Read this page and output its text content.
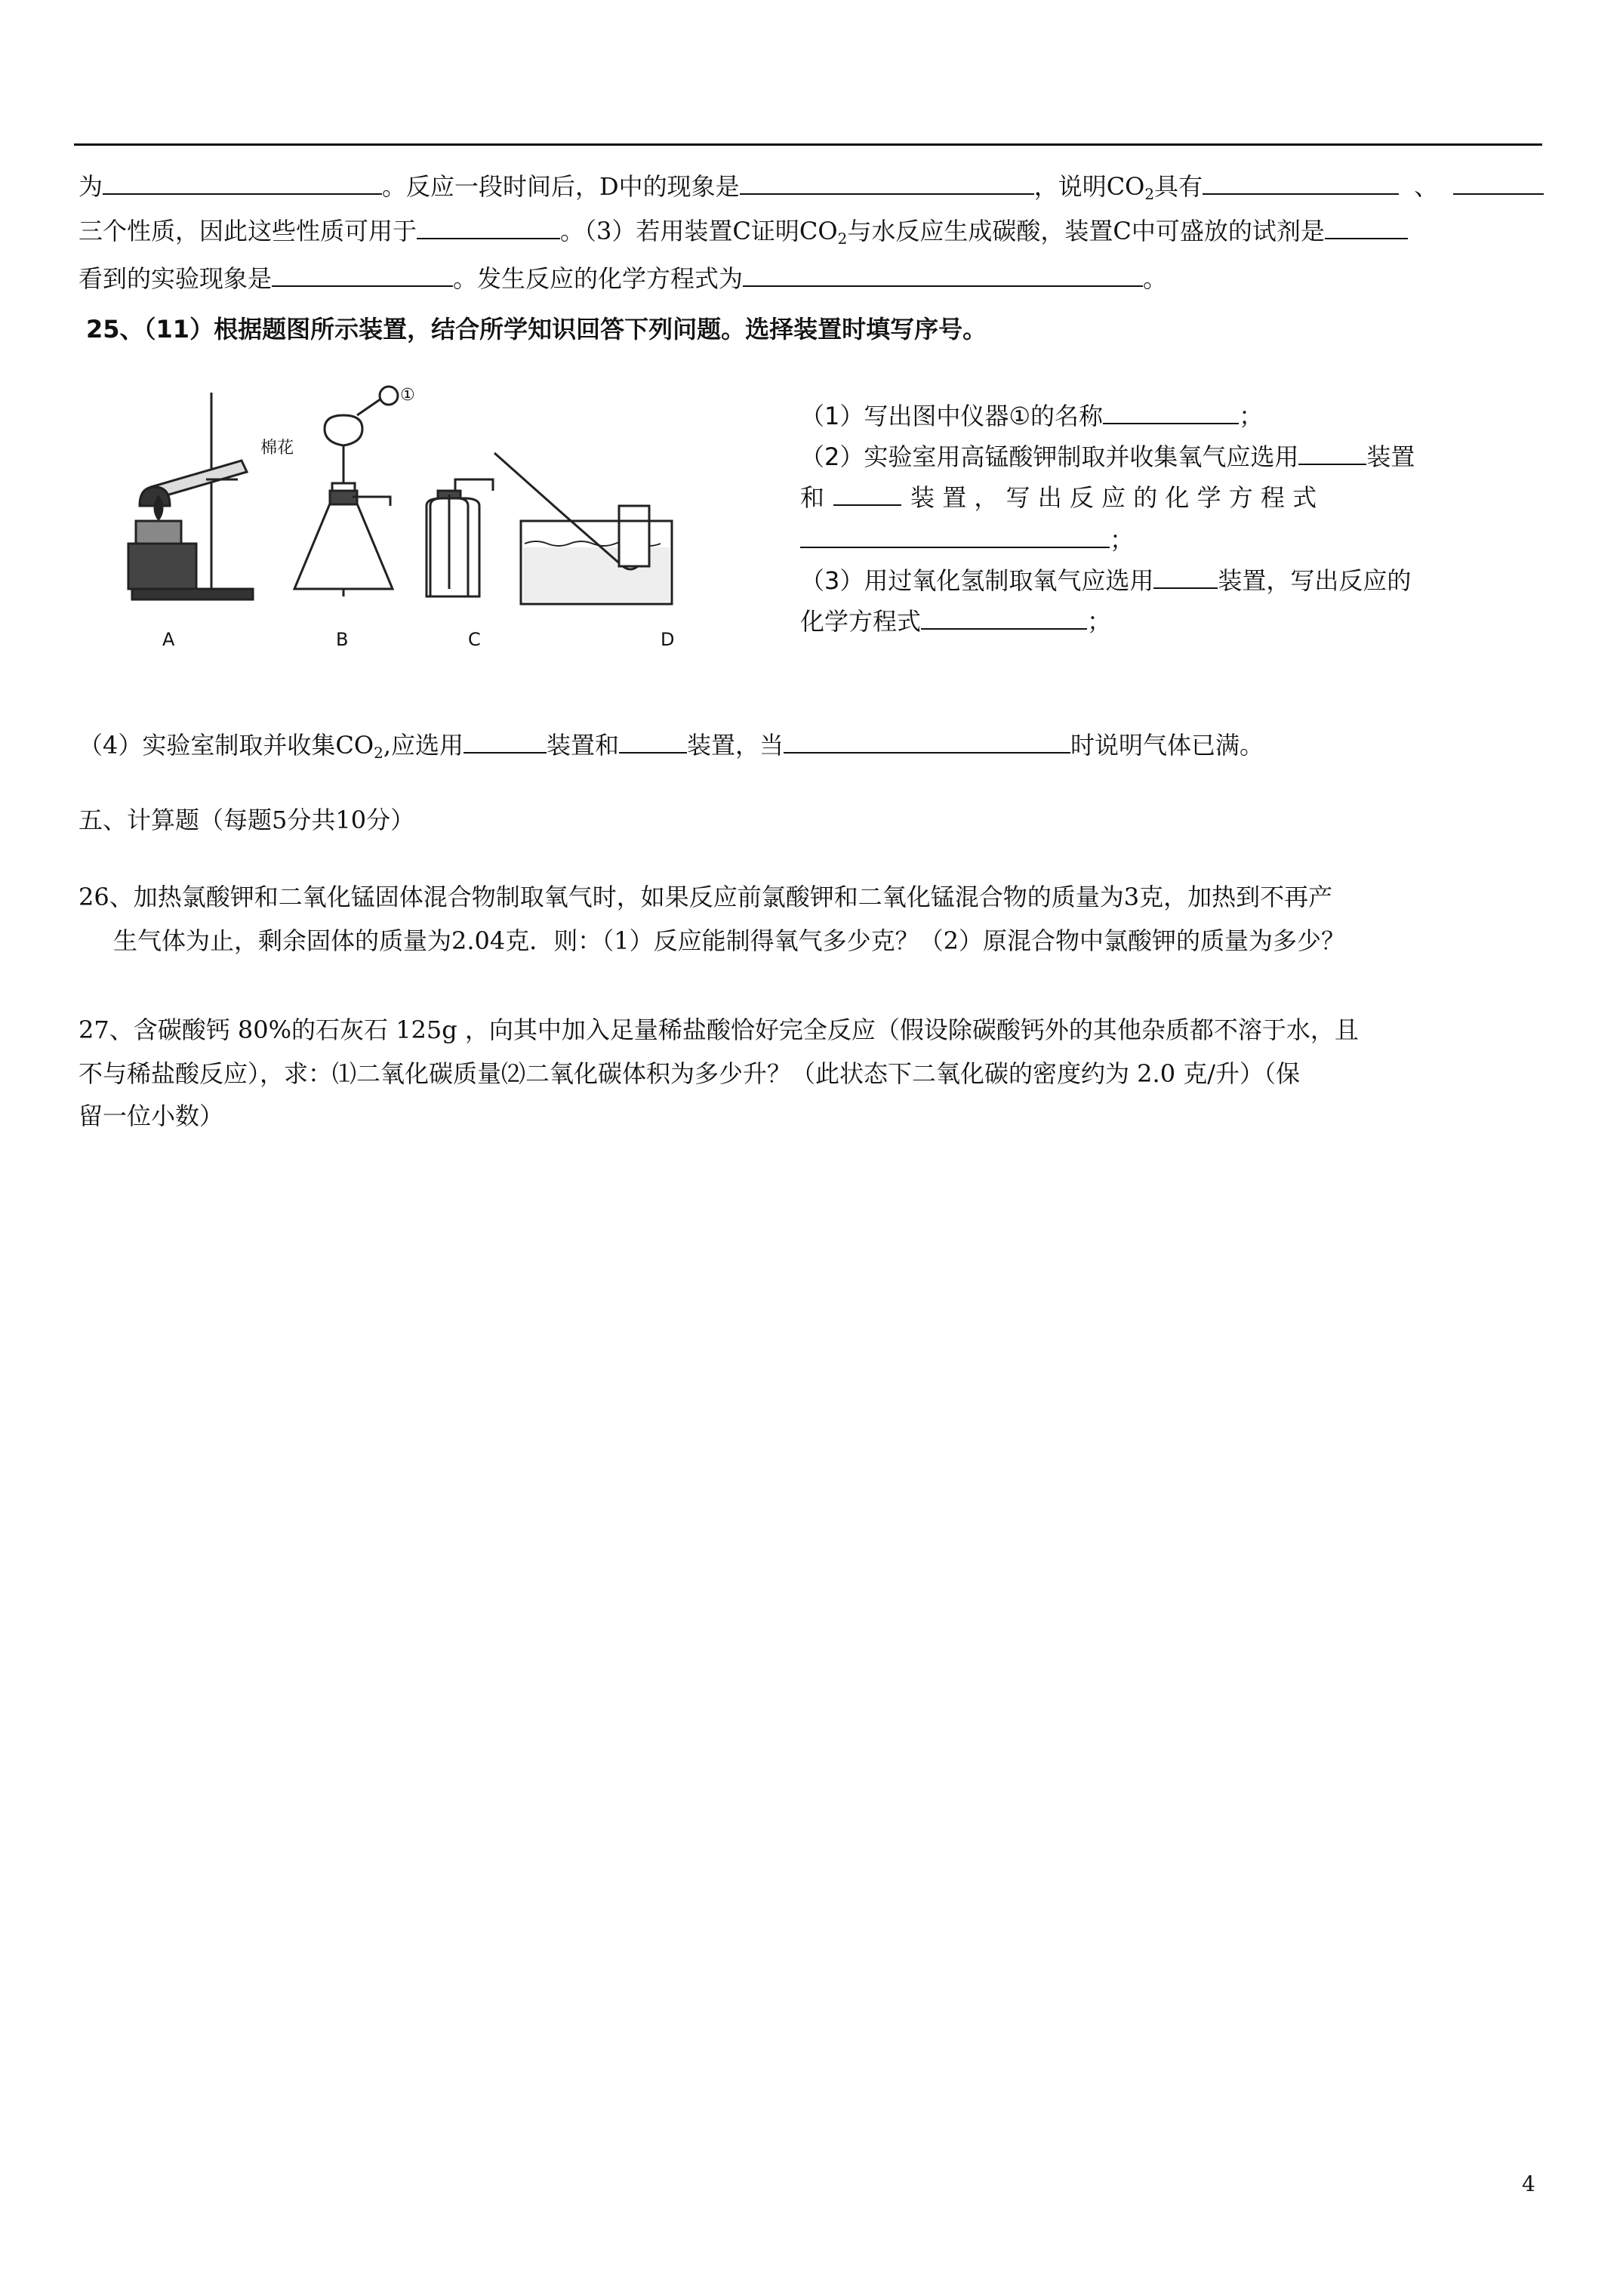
为	。反应一段时间后，D中的现象是	，说明$CO_2$具有	、
三个性质，因此这些性质可用于	。（3）若用装置C证明$CO_2$与水反应生成碳酸，装置C中可盛放的试剂是
看到的实验现象是	。发生反应的化学方程式为	。
25、（11）根据题图所示装置，结合所学知识回答下列问题。选择装置时填写序号。
棉花
①
A	B	C	D
（1）写出图中仪器①的名称	；
（2）实验室用高锰酸钾制取并收集氧气应选用	装置
和	装 置 ， 写 出 反 应 的 化 学 方 程 式
；
（3）用过氧化氢制取氧气应选用	装置，写出反应的
化学方程式	；
（4）实验室制取并收集$CO_2$,应选用	装置和	装置，当	时说明气体已满。
五、计算题（每题5分共10分）
26、加热氯酸钾和二氧化锰固体混合物制取氧气时，如果反应前氯酸钾和二氧化锰混合物的质量为3克，加热到不再产
生气体为止，剩余固体的质量为2.04克．则：（1）反应能制得氧气多少克？（2）原混合物中氯酸钾的质量为多少？
27、含碳酸钙 80%的石灰石 125g ，向其中加入足量稀盐酸恰好完全反应（假设除碳酸钙外的其他杂质都不溶于水，且
不与稀盐酸反应），求：⑴二氧化碳质量⑵二氧化碳体积为多少升？（此状态下二氧化碳的密度约为 2.0 克/升）（保
留一位小数）
4
